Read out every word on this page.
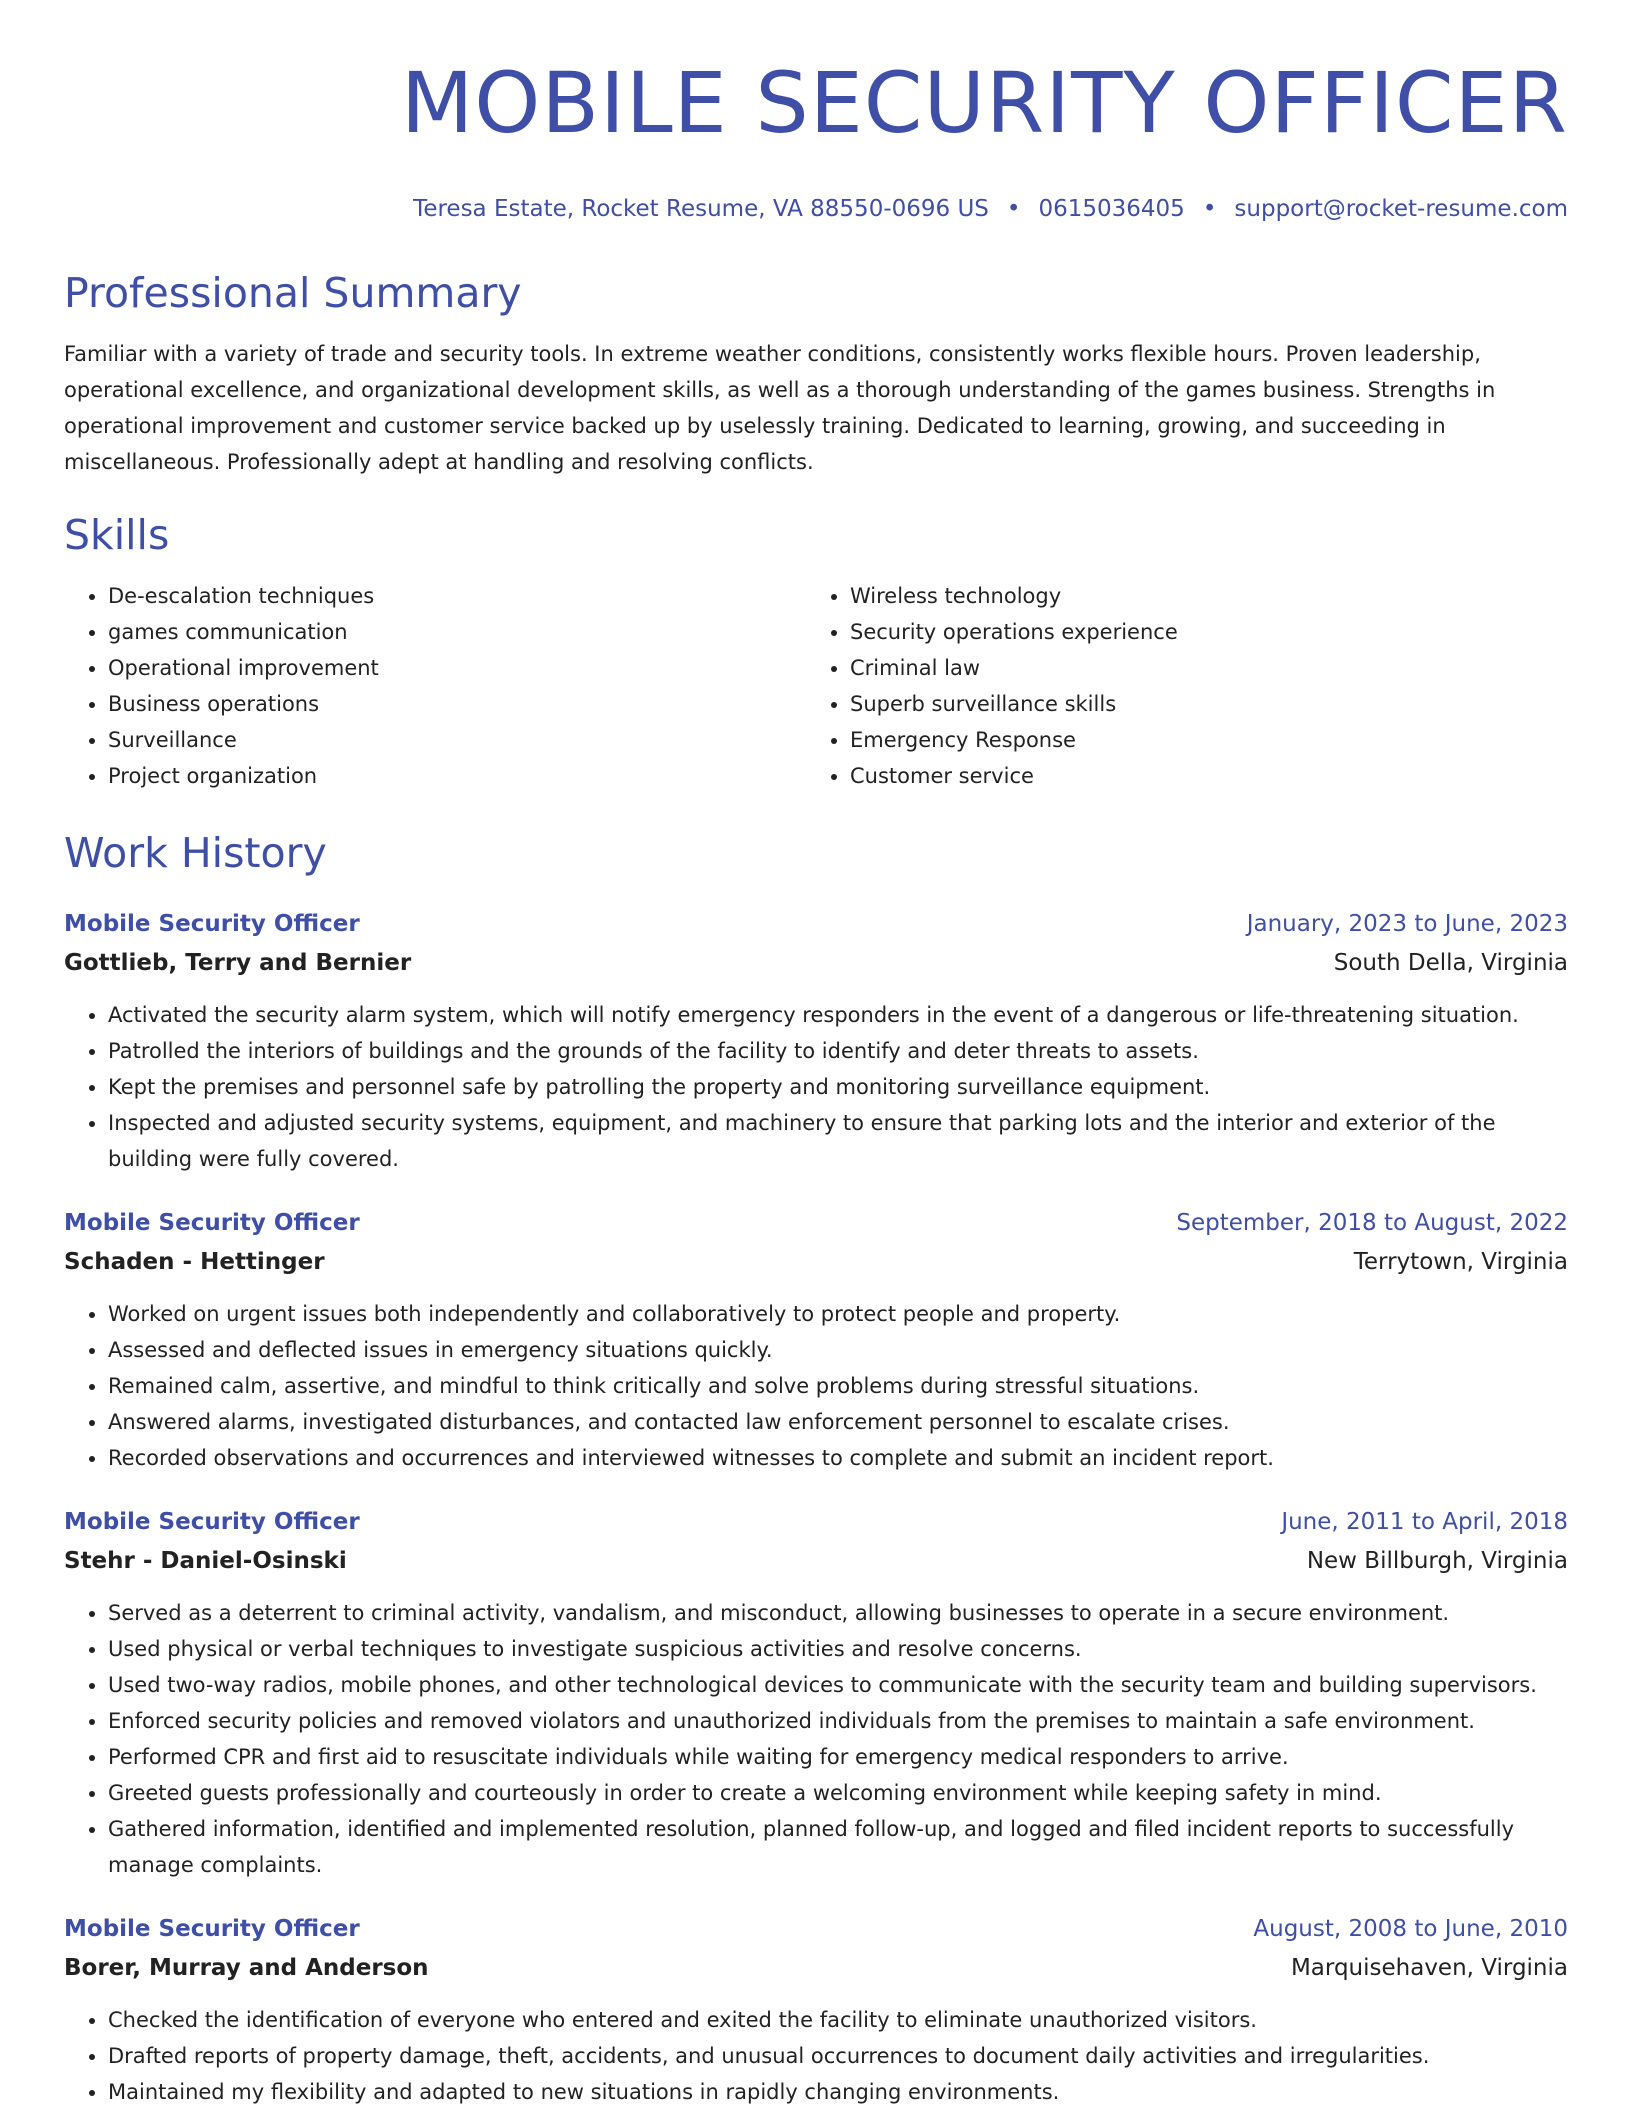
MOBILE SECURITY OFFICER
Teresa Estate, Rocket Resume, VA 88550-0696 US • 0615036405 • support@rocket-resume.com
Professional Summary
Familiar with a variety of trade and security tools. In extreme weather conditions, consistently works flexible hours. Proven leadership, operational excellence, and organizational development skills, as well as a thorough understanding of the games business. Strengths in operational improvement and customer service backed up by uselessly training. Dedicated to learning, growing, and succeeding in miscellaneous. Professionally adept at handling and resolving conflicts.
Skills
• De-escalation techniques
• games communication
• Operational improvement
• Business operations
• Surveillance
• Project organization
• Wireless technology
• Security operations experience
• Criminal law
• Superb surveillance skills
• Emergency Response
• Customer service
Work History
Mobile Security Officer	January, 2023 to June, 2023
Gottlieb, Terry and Bernier	South Della, Virginia
• Activated the security alarm system, which will notify emergency responders in the event of a dangerous or life-threatening situation.
• Patrolled the interiors of buildings and the grounds of the facility to identify and deter threats to assets.
• Kept the premises and personnel safe by patrolling the property and monitoring surveillance equipment.
• Inspected and adjusted security systems, equipment, and machinery to ensure that parking lots and the interior and exterior of the building were fully covered.
Mobile Security Officer	September, 2018 to August, 2022
Schaden - Hettinger	Terrytown, Virginia
• Worked on urgent issues both independently and collaboratively to protect people and property.
• Assessed and deflected issues in emergency situations quickly.
• Remained calm, assertive, and mindful to think critically and solve problems during stressful situations.
• Answered alarms, investigated disturbances, and contacted law enforcement personnel to escalate crises.
• Recorded observations and occurrences and interviewed witnesses to complete and submit an incident report.
Mobile Security Officer	June, 2011 to April, 2018
Stehr - Daniel-Osinski	New Billburgh, Virginia
• Served as a deterrent to criminal activity, vandalism, and misconduct, allowing businesses to operate in a secure environment.
• Used physical or verbal techniques to investigate suspicious activities and resolve concerns.
• Used two-way radios, mobile phones, and other technological devices to communicate with the security team and building supervisors.
• Enforced security policies and removed violators and unauthorized individuals from the premises to maintain a safe environment.
• Performed CPR and first aid to resuscitate individuals while waiting for emergency medical responders to arrive.
• Greeted guests professionally and courteously in order to create a welcoming environment while keeping safety in mind.
• Gathered information, identified and implemented resolution, planned follow-up, and logged and filed incident reports to successfully manage complaints.
Mobile Security Officer	August, 2008 to June, 2010
Borer, Murray and Anderson	Marquisehaven, Virginia
• Checked the identification of everyone who entered and exited the facility to eliminate unauthorized visitors.
• Drafted reports of property damage, theft, accidents, and unusual occurrences to document daily activities and irregularities.
• Maintained my flexibility and adapted to new situations in rapidly changing environments.
